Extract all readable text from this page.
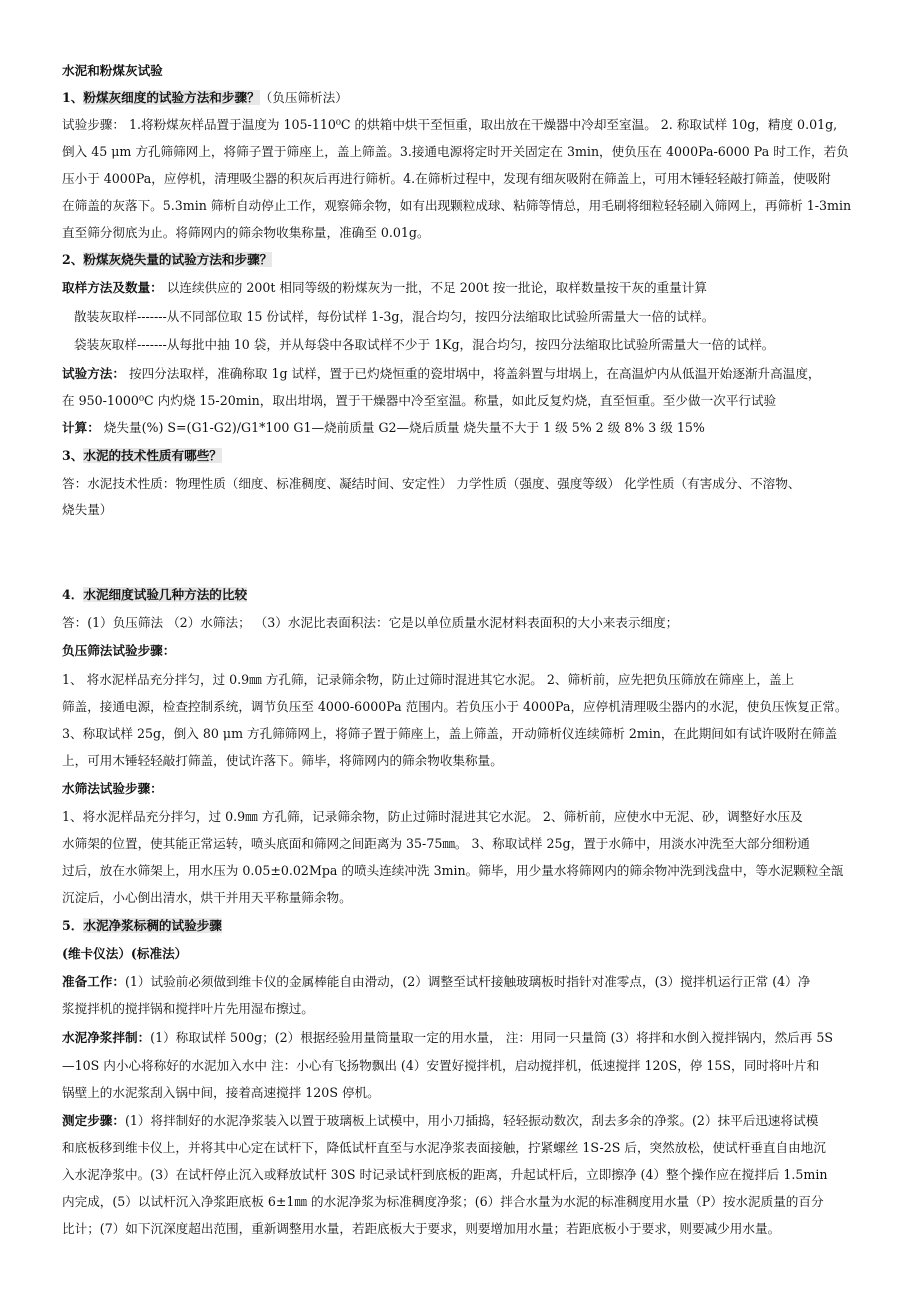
水泥和粉煤灰试验
1、粉煤灰细度的试验方法和步骤？（负压筛析法）
试验步骤： 1.将粉煤灰样品置于温度为 105-110⁰C 的烘箱中烘干至恒重，取出放在干燥器中冷却至室温。 2. 称取试样 10g，精度 0.01g,
倒入 45 μm 方孔筛筛网上，将筛子置于筛座上，盖上筛盖。3.接通电源将定时开关固定在 3min，使负压在 4000Pa-6000 Pa 时工作，若负
压小于 4000Pa，应停机，清理吸尘器的积灰后再进行筛析。4.在筛析过程中，发现有细灰吸附在筛盖上，可用木锤轻轻敲打筛盖，使吸附
在筛盖的灰落下。5.3min 筛析自动停止工作，观察筛余物，如有出现颗粒成球、粘筛等情总，用毛刷将细粒轻轻刷入筛网上，再筛析 1-3min
直至筛分彻底为止。将筛网内的筛余物收集称量，准确至 0.01g。
2、粉煤灰烧失量的试验方法和步骤？
取样方法及数量： 以连续供应的 200t 相同等级的粉煤灰为一批，不足 200t 按一批论，取样数量按干灰的重量计算
散装灰取样-------从不同部位取 15 份试样，每份试样 1-3g，混合均匀，按四分法缩取比试验所需量大一倍的试样。
袋装灰取样-------从每批中抽 10 袋，并从每袋中各取试样不少于 1Kg，混合均匀，按四分法缩取比试验所需量大一倍的试样。
试验方法： 按四分法取样，准确称取 1g 试样，置于已灼烧恒重的瓷坩埚中，将盖斜置与坩埚上，在高温炉内从低温开始逐渐升高温度，
在 950-1000⁰C 内灼烧 15-20min，取出坩埚，置于干燥器中冷至室温。称量，如此反复灼烧，直至恒重。至少做一次平行试验
计算： 烧失量(%) S=(G1-G2)/G1*100 G1—烧前质量 G2—烧后质量 烧失量不大于 1 级 5% 2 级 8% 3 级 15%
3、水泥的技术性质有哪些？
答：水泥技术性质：物理性质（细度、标准稠度、凝结时间、安定性） 力学性质（强度、强度等级） 化学性质（有害成分、不溶物、
烧失量）
4．水泥细度试验几种方法的比较
答：(1）负压筛法 （2）水筛法； （3）水泥比表面积法：它是以单位质量水泥材料表面积的大小来表示细度；
负压筛法试验步骤：
1、 将水泥样品充分拌匀，过 0.9㎜ 方孔筛，记录筛余物，防止过筛时混进其它水泥。 2、筛析前，应先把负压筛放在筛座上，盖上
筛盖，接通电源，检查控制系统，调节负压至 4000-6000Pa 范围内。若负压小于 4000Pa，应停机清理吸尘器内的水泥，使负压恢复正常。
3、称取试样 25g，倒入 80 μm 方孔筛筛网上，将筛子置于筛座上，盖上筛盖，开动筛析仪连续筛析 2min，在此期间如有试许吸附在筛盖
上，可用木锤轻轻敲打筛盖，使试许落下。筛毕，将筛网内的筛余物收集称量。
水筛法试验步骤：
1、将水泥样品充分拌匀，过 0.9㎜ 方孔筛，记录筛余物，防止过筛时混进其它水泥。 2、筛析前，应使水中无泥、砂，调整好水压及
水筛架的位置，使其能正常运转，喷头底面和筛网之间距离为 35-75㎜。 3、称取试样 25g，置于水筛中，用淡水冲洗至大部分细粉通
过后，放在水筛架上，用水压为 0.05±0.02Mpa 的喷头连续冲洗 3min。筛毕，用少量水将筛网内的筛余物冲洗到浅盘中，等水泥颗粒全瓿
沉淀后，小心倒出清水，烘干并用天平称量筛余物。
5．水泥净浆标稠的试验步骤
(维卡仪法）(标准法）
准备工作：(1）试验前必须做到维卡仪的金属棒能自由滑动，(2）调整至试杆接触玻璃板时指针对准零点，(3）搅拌机运行正常 (4）净
浆搅拌机的搅拌锅和搅拌叶片先用湿布擦过。
水泥净浆拌制：(1）称取试样 500g；(2）根据经验用量筒量取一定的用水量， 注：用同一只量筒 (3）将拌和水倒入搅拌锅内，然后再 5S
—10S 内小心将称好的水泥加入水中 注：小心有飞扬物飘出 (4）安置好搅拌机，启动搅拌机，低速搅拌 120S，停 15S，同时将叶片和
锅壁上的水泥浆刮入锅中间，接着高速搅拌 120S 停机。
测定步骤：(1）将拌制好的水泥净浆装入以置于玻璃板上试模中，用小刀插捣，轻轻振动数次，刮去多余的净浆。(2）抹平后迅速将试模
和底板移到维卡仪上，并将其中心定在试杆下，降低试杆直至与水泥净浆表面接触，拧紧螺丝 1S-2S 后，突然放松，使试杆垂直自由地沉
入水泥净浆中。(3）在试杆停止沉入或释放试杆 30S 时记录试杆到底板的距离，升起试杆后，立即擦净 (4）整个操作应在搅拌后 1.5min
内完成，(5）以试杆沉入净浆距底板 6±1㎜ 的水泥净浆为标准稠度净浆；(6）拌合水量为水泥的标准稠度用水量（P）按水泥质量的百分
比计；(7）如下沉深度超出范围，重新调整用水量，若距底板大于要求，则要增加用水量；若距底板小于要求，则要减少用水量。
